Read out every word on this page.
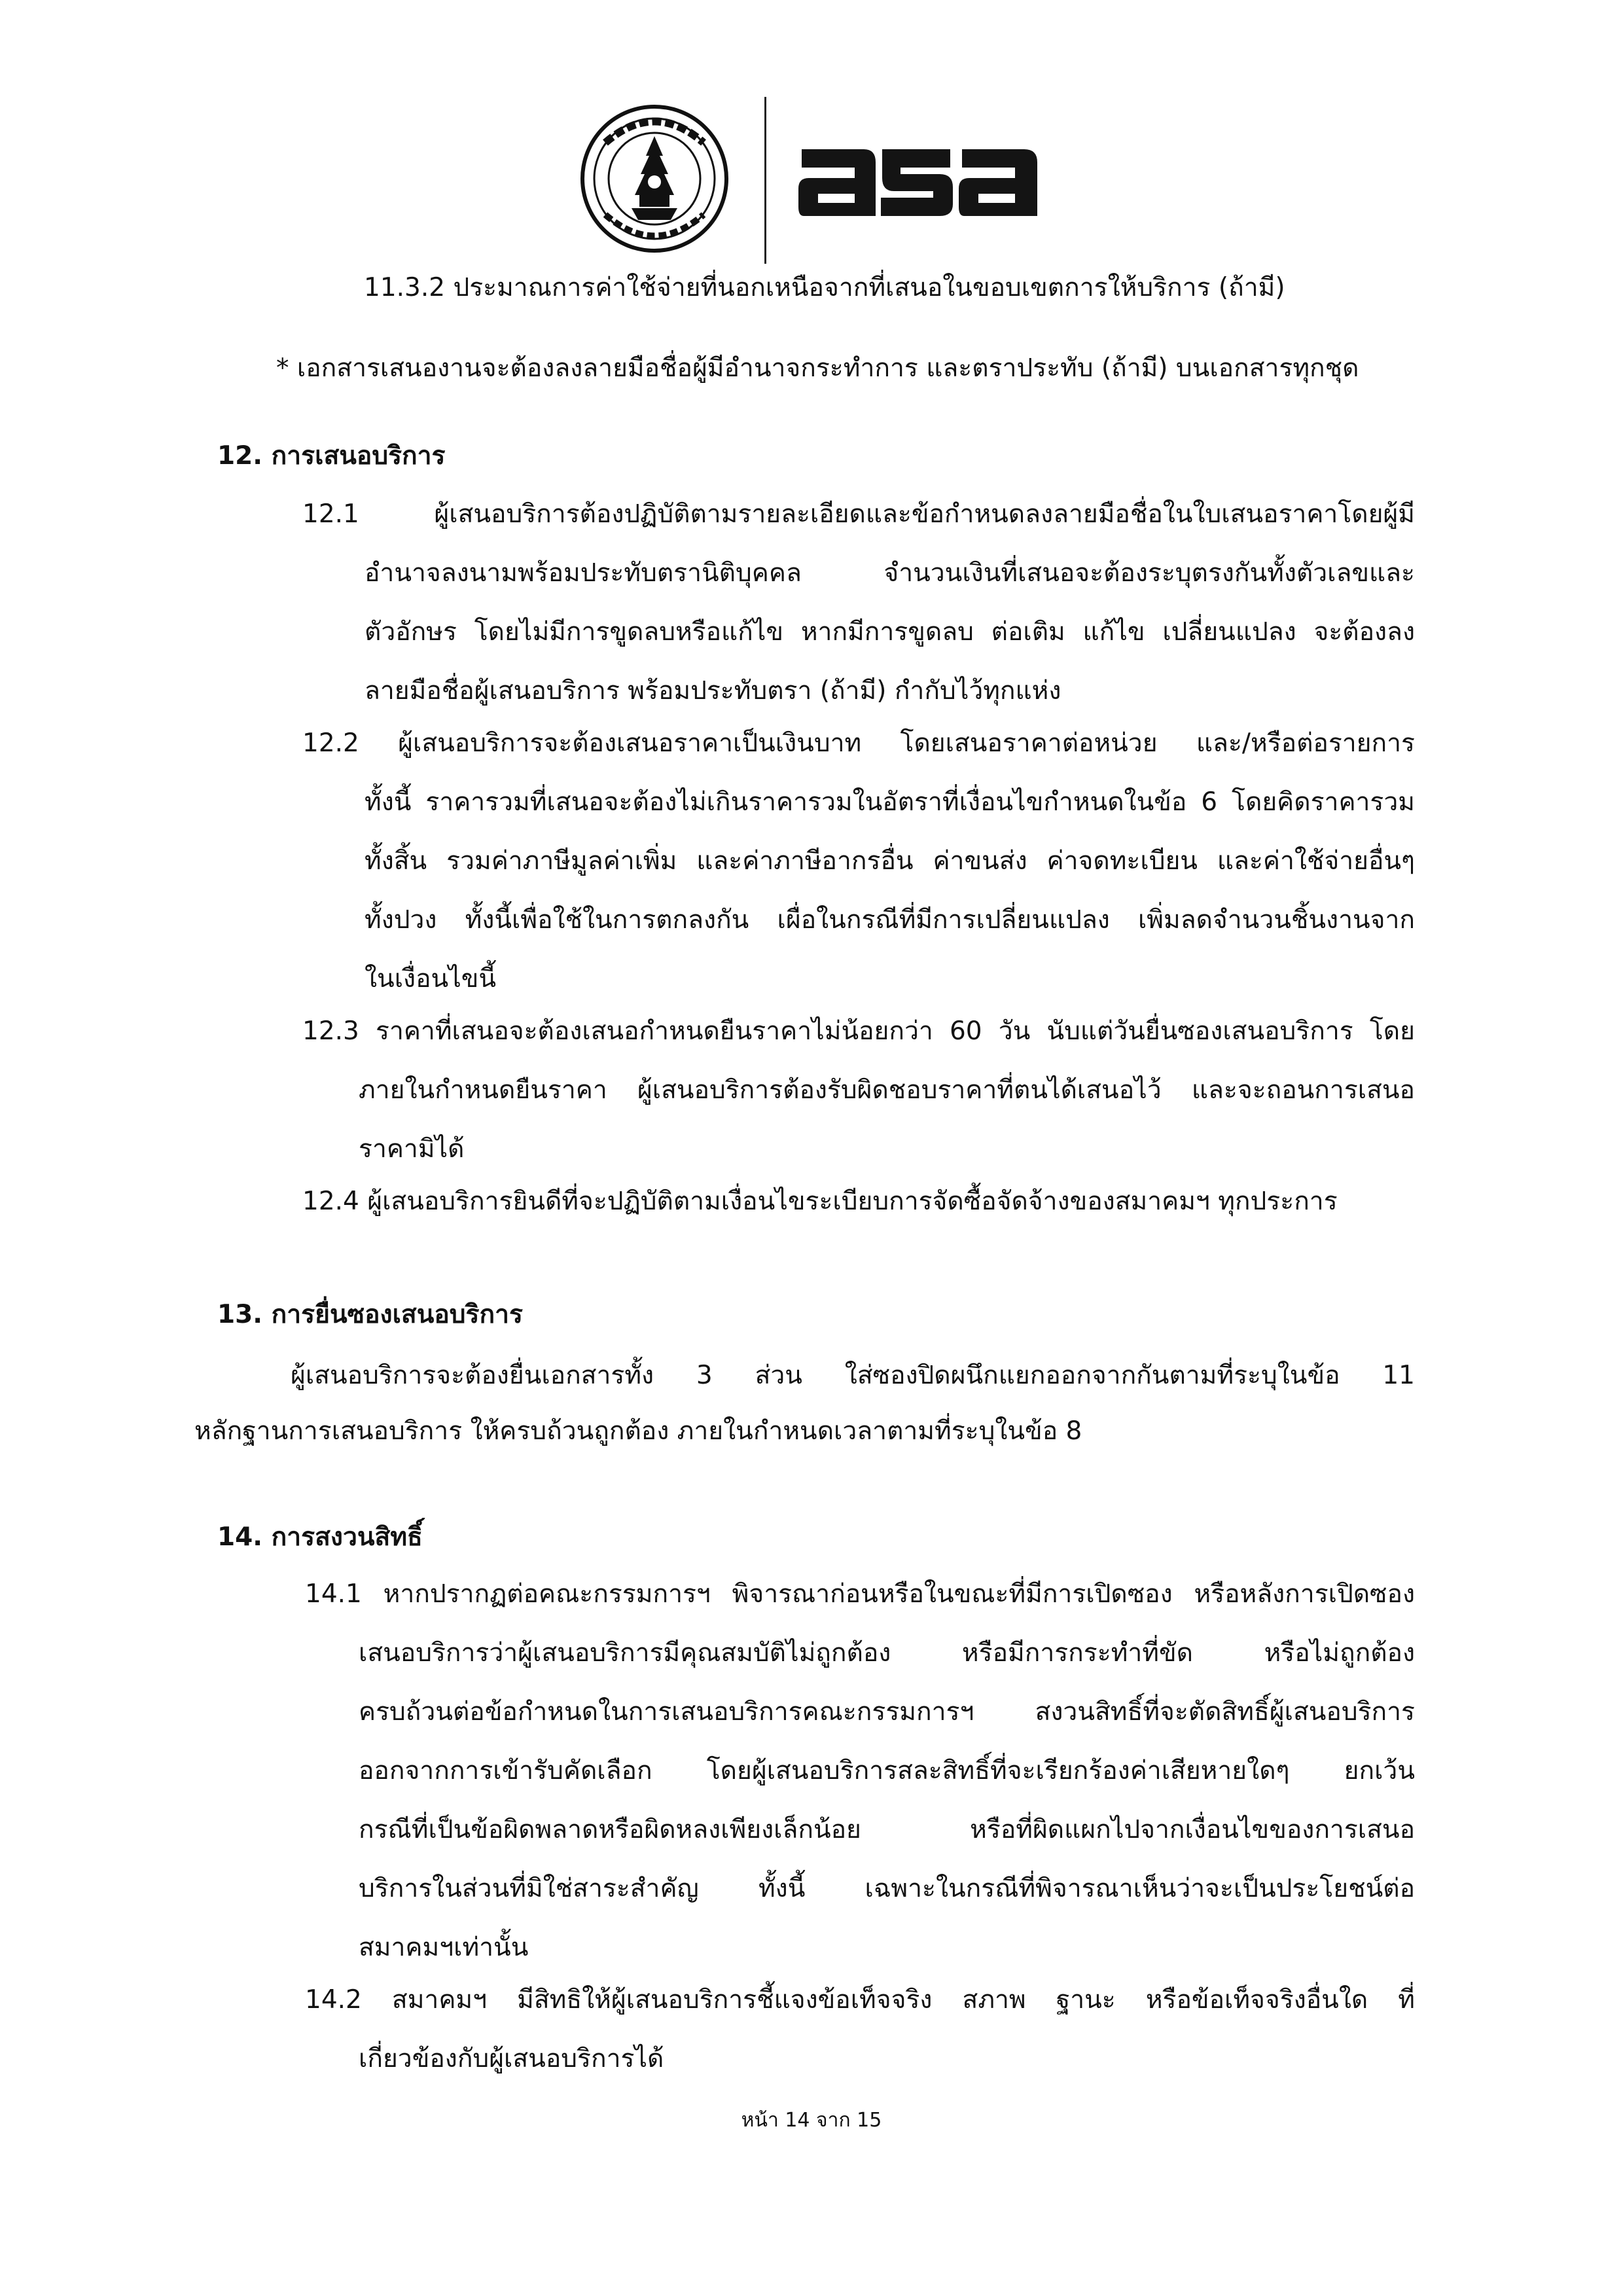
11.3.2 ประมาณการค่าใช้จ่ายที่นอกเหนือจากที่เสนอในขอบเขตการให้บริการ (ถ้ามี)
* เอกสารเสนองานจะต้องลงลายมือชื่อผู้มีอำนาจกระทำการ และตราประทับ (ถ้ามี) บนเอกสารทุกชุด
12. การเสนอบริการ
12.1 ผู้เสนอบริการต้องปฏิบัติตามรายละเอียดและข้อกำหนดลงลายมือชื่อในใบเสนอราคาโดยผู้มี
อำนาจลงนามพร้อมประทับตรานิติบุคคล จำนวนเงินที่เสนอจะต้องระบุตรงกันทั้งตัวเลขและ
ตัวอักษร โดยไม่มีการขูดลบหรือแก้ไข หากมีการขูดลบ ต่อเติม แก้ไข เปลี่ยนแปลง จะต้องลง
ลายมือชื่อผู้เสนอบริการ พร้อมประทับตรา (ถ้ามี) กำกับไว้ทุกแห่ง
12.2 ผู้เสนอบริการจะต้องเสนอราคาเป็นเงินบาท โดยเสนอราคาต่อหน่วย และ/หรือต่อรายการ
ทั้งนี้ ราคารวมที่เสนอจะต้องไม่เกินราคารวมในอัตราที่เงื่อนไขกำหนดในข้อ 6 โดยคิดราคารวม
ทั้งสิ้น รวมค่าภาษีมูลค่าเพิ่ม และค่าภาษีอากรอื่น ค่าขนส่ง ค่าจดทะเบียน และค่าใช้จ่ายอื่นๆ
ทั้งปวง ทั้งนี้เพื่อใช้ในการตกลงกัน เผื่อในกรณีที่มีการเปลี่ยนแปลง เพิ่มลดจำนวนชิ้นงานจาก
ในเงื่อนไขนี้
12.3 ราคาที่เสนอจะต้องเสนอกำหนดยืนราคาไม่น้อยกว่า 60 วัน นับแต่วันยื่นซองเสนอบริการ โดย
ภายในกำหนดยืนราคา ผู้เสนอบริการต้องรับผิดชอบราคาที่ตนได้เสนอไว้ และจะถอนการเสนอ
ราคามิได้
12.4 ผู้เสนอบริการยินดีที่จะปฏิบัติตามเงื่อนไขระเบียบการจัดซื้อจัดจ้างของสมาคมฯ ทุกประการ
13. การยื่นซองเสนอบริการ
ผู้เสนอบริการจะต้องยื่นเอกสารทั้ง 3 ส่วน ใส่ซองปิดผนึกแยกออกจากกันตามที่ระบุในข้อ 11
หลักฐานการเสนอบริการ ให้ครบถ้วนถูกต้อง ภายในกำหนดเวลาตามที่ระบุในข้อ 8
14. การสงวนสิทธิ์
14.1 หากปรากฏต่อคณะกรรมการฯ พิจารณาก่อนหรือในขณะที่มีการเปิดซอง หรือหลังการเปิดซอง
เสนอบริการว่าผู้เสนอบริการมีคุณสมบัติไม่ถูกต้อง หรือมีการกระทำที่ขัด หรือไม่ถูกต้อง
ครบถ้วนต่อข้อกำหนดในการเสนอบริการคณะกรรมการฯ สงวนสิทธิ์ที่จะตัดสิทธิ์ผู้เสนอบริการ
ออกจากการเข้ารับคัดเลือก โดยผู้เสนอบริการสละสิทธิ์ที่จะเรียกร้องค่าเสียหายใดๆ ยกเว้น
กรณีที่เป็นข้อผิดพลาดหรือผิดหลงเพียงเล็กน้อย หรือที่ผิดแผกไปจากเงื่อนไขของการเสนอ
บริการในส่วนที่มิใช่สาระสำคัญ ทั้งนี้ เฉพาะในกรณีที่พิจารณาเห็นว่าจะเป็นประโยชน์ต่อ
สมาคมฯเท่านั้น
14.2 สมาคมฯ มีสิทธิให้ผู้เสนอบริการชี้แจงข้อเท็จจริง สภาพ ฐานะ หรือข้อเท็จจริงอื่นใด ที่
เกี่ยวข้องกับผู้เสนอบริการได้
หน้า 14 จาก 15
